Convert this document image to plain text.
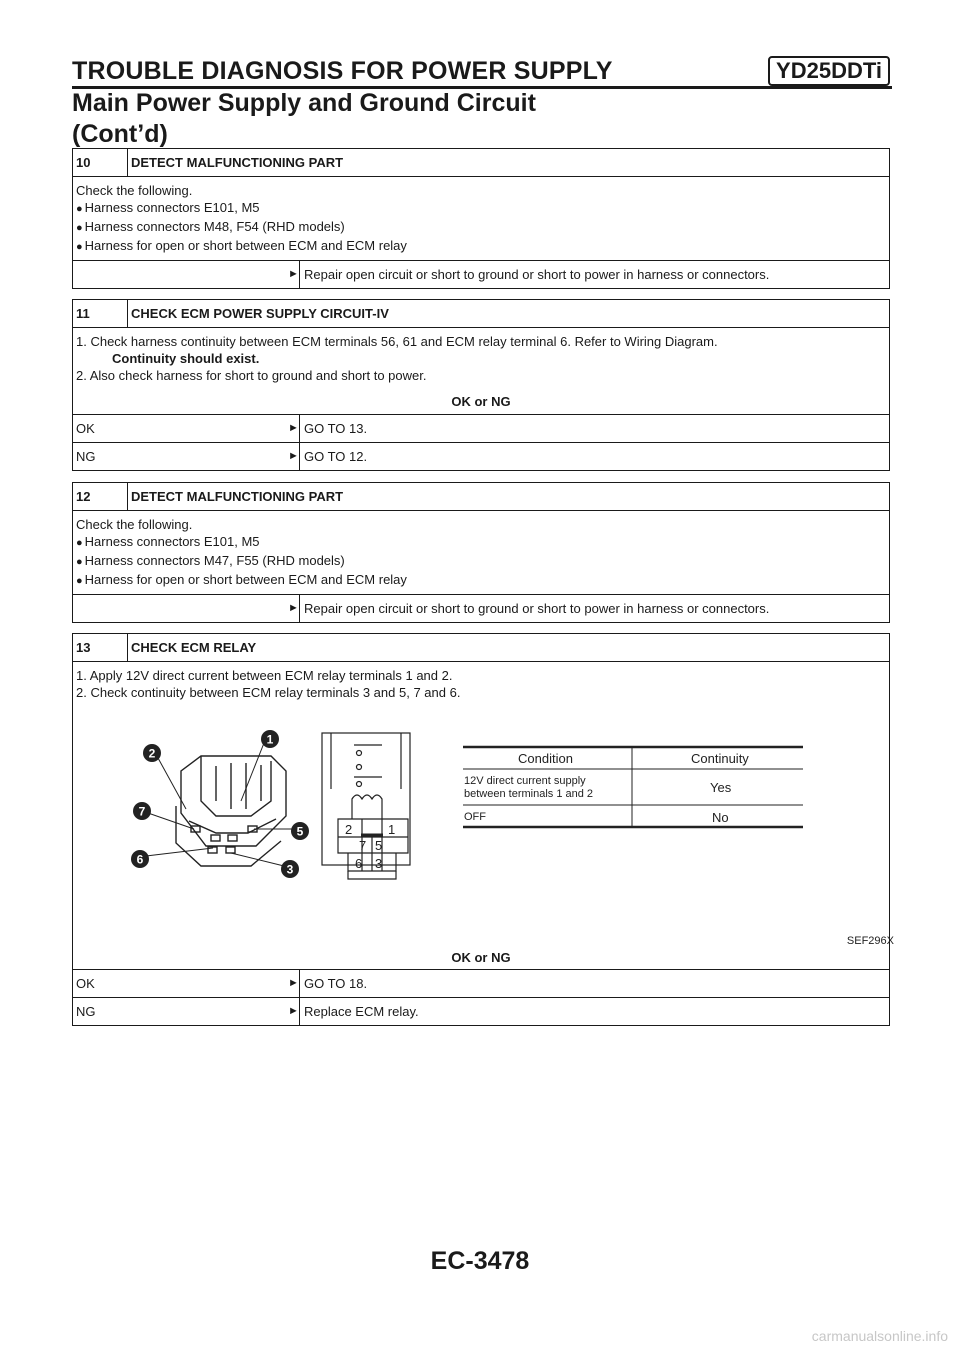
TROUBLE DIAGNOSIS FOR POWER SUPPLY	YD25DDTi
Main Power Supply and Ground Circuit
(Cont’d)
10	DETECT MALFUNCTIONING PART
Check the following.
● Harness connectors E101, M5
● Harness connectors M48, F54 (RHD models)
● Harness for open or short between ECM and ECM relay
► Repair open circuit or short to ground or short to power in harness or connectors.
11	CHECK ECM POWER SUPPLY CIRCUIT-IV
1. Check harness continuity between ECM terminals 56, 61 and ECM relay terminal 6. Refer to Wiring Diagram.
Continuity should exist.
2. Also check harness for short to ground and short to power.
OK or NG
OK	► GO TO 13.
NG	► GO TO 12.
12	DETECT MALFUNCTIONING PART
Check the following.
● Harness connectors E101, M5
● Harness connectors M47, F55 (RHD models)
● Harness for open or short between ECM and ECM relay
► Repair open circuit or short to ground or short to power in harness or connectors.
13	CHECK ECM RELAY
1. Apply 12V direct current between ECM relay terminals 1 and 2.
2. Check continuity between ECM relay terminals 3 and 5, 7 and 6.
1
2
7
5
6
3
2	1
7 5
6 3
Condition	Continuity
12V direct current supply
between terminals 1 and 2	Yes
OFF	No
SEF296X
OK or NG
OK	► GO TO 18.
NG	► Replace ECM relay.
EC-3478
carmanualsonline.info
